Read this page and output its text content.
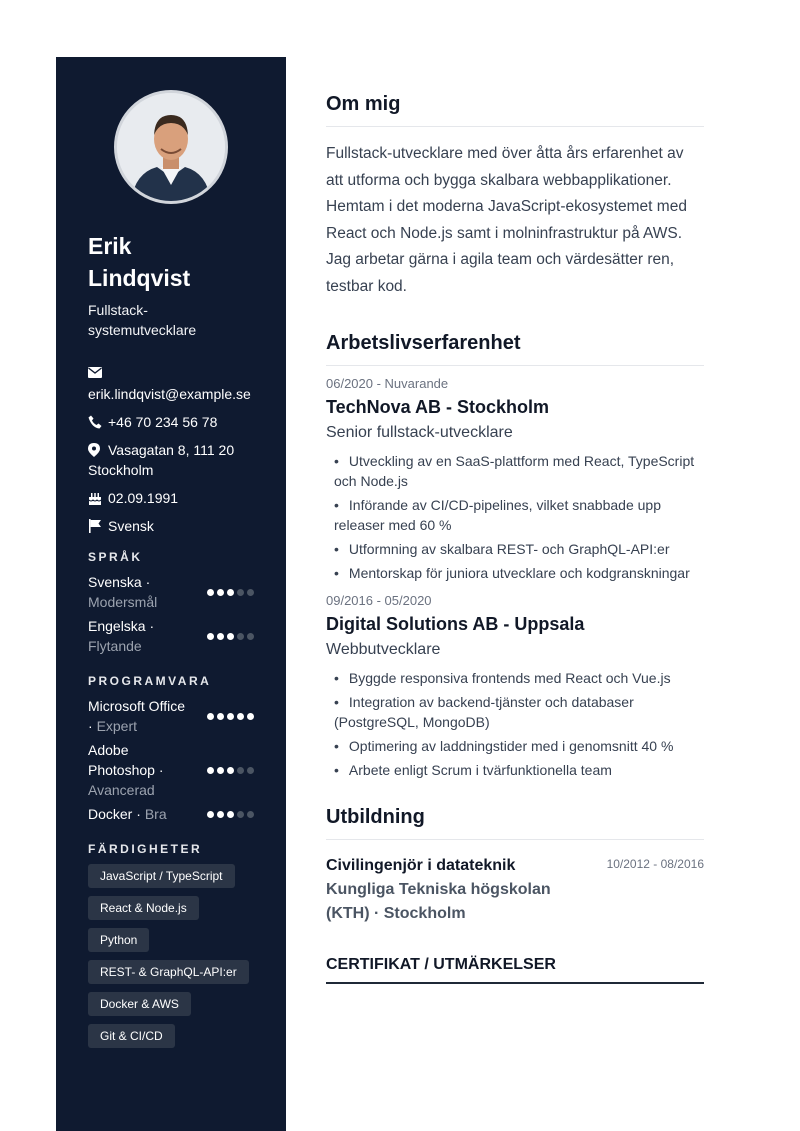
Erik
Lindqvist
Fullstack-systemutvecklare

erik.lindqvist@example.se
+46 70 234 56 78
Vasagatan 8, 111 20 Stockholm
02.09.1991
Svensk
SPRÅK
Svenska · Modersmål
Engelska · Flytande
PROGRAMVARA
Microsoft Office · Expert
Adobe Photoshop · Avancerad
Docker · Bra
FÄRDIGHETER
JavaScript / TypeScript
React & Node.js
Python
REST- & GraphQL-API:er
Docker & AWS
Git & CI/CD
Om mig
Fullstack-utvecklare med över åtta års erfarenhet av att utforma och bygga skalbara webbapplikationer. Hemtam i det moderna JavaScript-ekosystemet med React och Node.js samt i molninfrastruktur på AWS. Jag arbetar gärna i agila team och värdesätter ren, testbar kod.
Arbetslivserfarenhet
06/2020 - Nuvarande
TechNova AB - Stockholm
Senior fullstack-utvecklare
• Utveckling av en SaaS-plattform med React, TypeScript och Node.js
• Införande av CI/CD-pipelines, vilket snabbade upp releaser med 60 %
• Utformning av skalbara REST- och GraphQL-API:er
• Mentorskap för juniora utvecklare och kodgranskningar
09/2016 - 05/2020
Digital Solutions AB - Uppsala
Webbutvecklare
• Byggde responsiva frontends med React och Vue.js
• Integration av backend-tjänster och databaser (PostgreSQL, MongoDB)
• Optimering av laddningstider med i genomsnitt 40 %
• Arbete enligt Scrum i tvärfunktionella team
Utbildning
Civilingenjör i datateknik
Kungliga Tekniska högskolan (KTH) · Stockholm
10/2012 - 08/2016
CERTIFIKAT / UTMÄRKELSER
